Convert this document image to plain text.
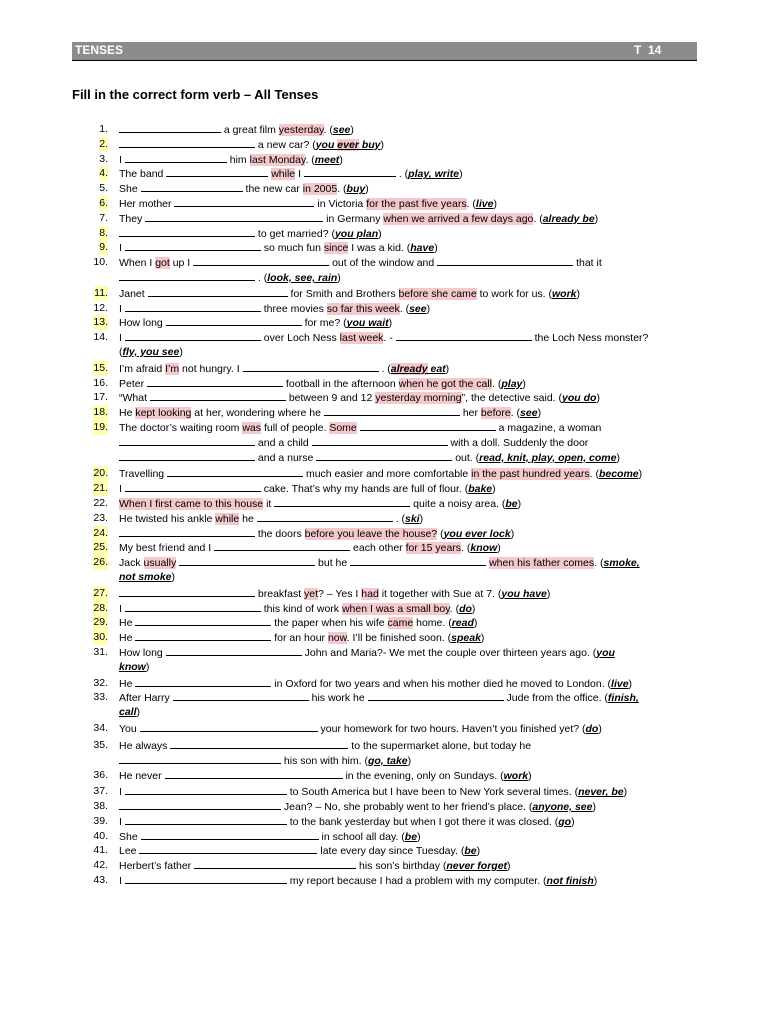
TENSES	T  14
Fill in the correct form verb – All Tenses
1.	a great film yesterday. (see)
2.	a new car? (you ever buy)
3. I	him last Monday. (meet)
4. The band	while I	. (play, write)
5. She	the new car in 2005. (buy)
6. Her mother	in Victoria for the past five years. (live)
7. They	in Germany when we arrived a few days ago. (already be)
8.	to get married? (you plan)
9. I	so much fun since I was a kid. (have)
10. When I got up I	out of the window and	that it
. (look, see, rain)
11. Janet	for Smith and Brothers before she came to work for us. (work)
12. I	three movies so far this week. (see)
13. How long	for me? (you wait)
14. I	over Loch Ness last week. -	the Loch Ness monster?
(fly, you see)
15. I’m afraid I’m not hungry. I	. (already eat)
16. Peter	football in the afternoon when he got the call. (play)
17. “What	between 9 and 12 yesterday morning”, the detective said. (you do)
18. He kept looking at her, wondering where he	her before. (see)
19. The doctor’s waiting room was full of people. Some	a magazine, a woman
and a child	with a doll. Suddenly the door
and a nurse	out. (read, knit, play, open, come)
20. Travelling	much easier and more comfortable in the past hundred years. (become)
21. I	cake. That’s why my hands are full of flour. (bake)
22. When I first came to this house it	quite a noisy area. (be)
23. He twisted his ankle while he	. (ski)
24.	the doors before you leave the house? (you ever lock)
25. My best friend and I	each other for 15 years. (know)
26. Jack usually	but he	when his father comes. (smoke,
not smoke)
27.	breakfast yet? – Yes I had it together with Sue at 7. (you have)
28. I	this kind of work when I was a small boy. (do)
29. He	the paper when his wife came home. (read)
30. He	for an hour now. I’ll be finished soon. (speak)
31. How long	John and Maria?- We met the couple over thirteen years ago. (you
know)
32. He	in Oxford for two years and when his mother died he moved to London. (live)
33. After Harry	his work he	Jude from the office. (finish,
call)
34. You	your homework for two hours. Haven’t you finished yet? (do)
35. He always	to the supermarket alone, but today he
his son with him. (go, take)
36. He never	in the evening, only on Sundays. (work)
37. I	to South America but I have been to New York several times. (never, be)
38.	Jean? – No, she probably went to her friend’s place. (anyone, see)
39. I	to the bank yesterday but when I got there it was closed. (go)
40. She	in school all day. (be)
41. Lee	late every day since Tuesday. (be)
42. Herbert’s father	his son’s birthday (never forget)
43. I	my report because I had a problem with my computer. (not finish)
